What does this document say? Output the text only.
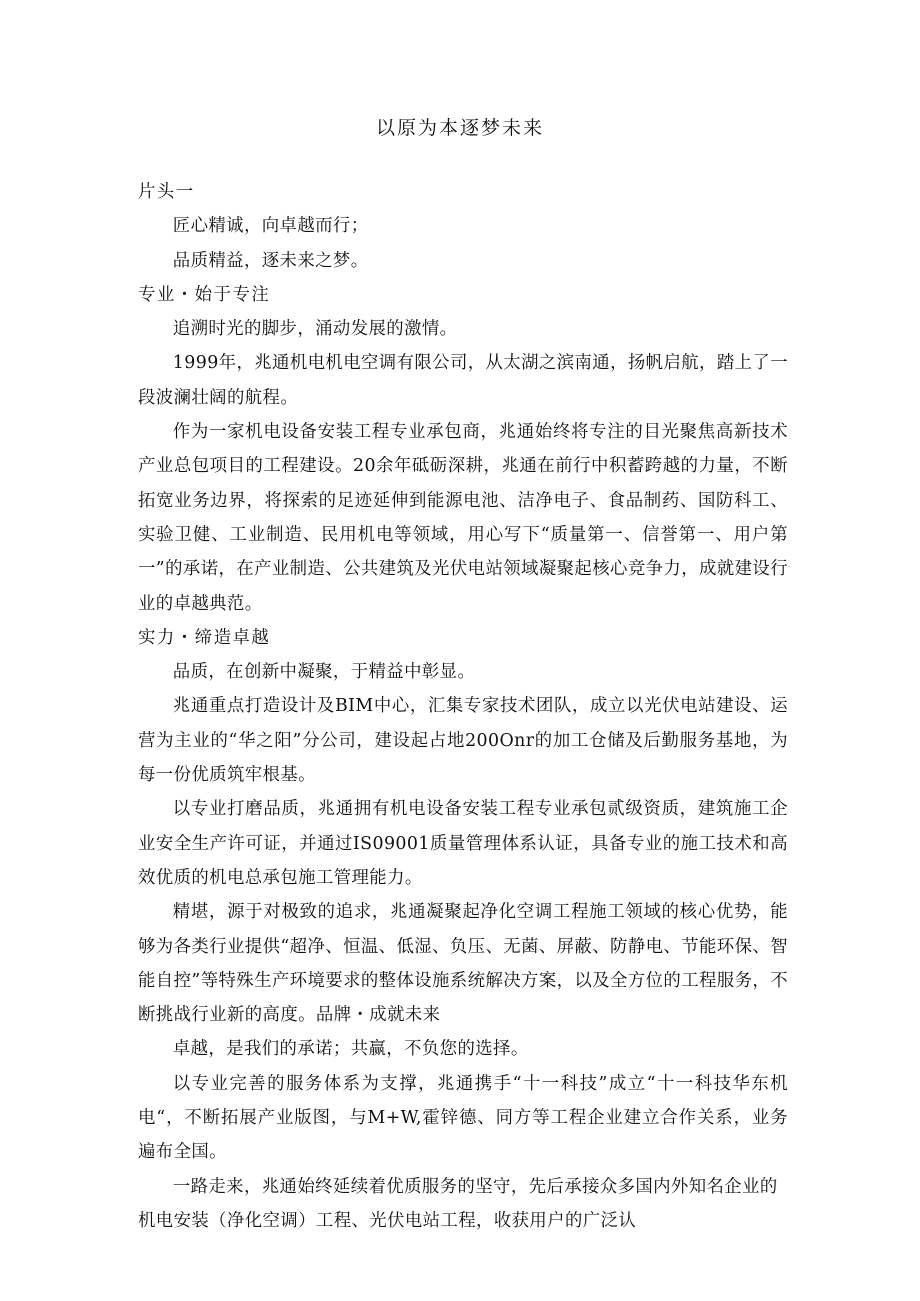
以原为本逐梦未来

片头一

匠心精诚，向卓越而行；

品质精益，逐未来之梦。

专业・始于专注

追溯时光的脚步，涌动发展的激情。

1999年，兆通机电机电空调有限公司，从太湖之滨南通，扬帆启航，踏上了一段波澜壮阔的航程。

作为一家机电设备安装工程专业承包商，兆通始终将专注的目光聚焦高新技术产业总包项目的工程建设。20余年砥砺深耕，兆通在前行中积蓄跨越的力量，不断拓宽业务边界，将探索的足迹延伸到能源电池、洁净电子、食品制药、国防科工、实验卫健、工业制造、民用机电等领域，用心写下“质量第一、信誉第一、用户第一”的承诺，在产业制造、公共建筑及光伏电站领域凝聚起核心竞争力，成就建设行业的卓越典范。

实力・缔造卓越

品质，在创新中凝聚，于精益中彰显。

兆通重点打造设计及BIM中心，汇集专家技术团队，成立以光伏电站建设、运营为主业的“华之阳”分公司，建设起占地200Onr的加工仓储及后勤服务基地，为每一份优质筑牢根基。

以专业打磨品质，兆通拥有机电设备安装工程专业承包贰级资质，建筑施工企业安全生产许可证，并通过IS09001质量管理体系认证，具备专业的施工技术和高效优质的机电总承包施工管理能力。

精堪，源于对极致的追求，兆通凝聚起净化空调工程施工领域的核心优势，能够为各类行业提供“超净、恒温、低湿、负压、无菌、屏蔽、防静电、节能环保、智能自控”等特殊生产环境要求的整体设施系统解决方案，以及全方位的工程服务，不断挑战行业新的高度。品牌・成就未来

卓越，是我们的承诺；共赢，不负您的选择。

以专业完善的服务体系为支撑，兆通携手“十一科技”成立“十一科技华东机电“，不断拓展产业版图，与M+W,霍锌德、同方等工程企业建立合作关系，业务遍布全国。

一路走来，兆通始终延续着优质服务的坚守，先后承接众多国内外知名企业的机电安装（净化空调）工程、光伏电站工程，收获用户的广泛认
